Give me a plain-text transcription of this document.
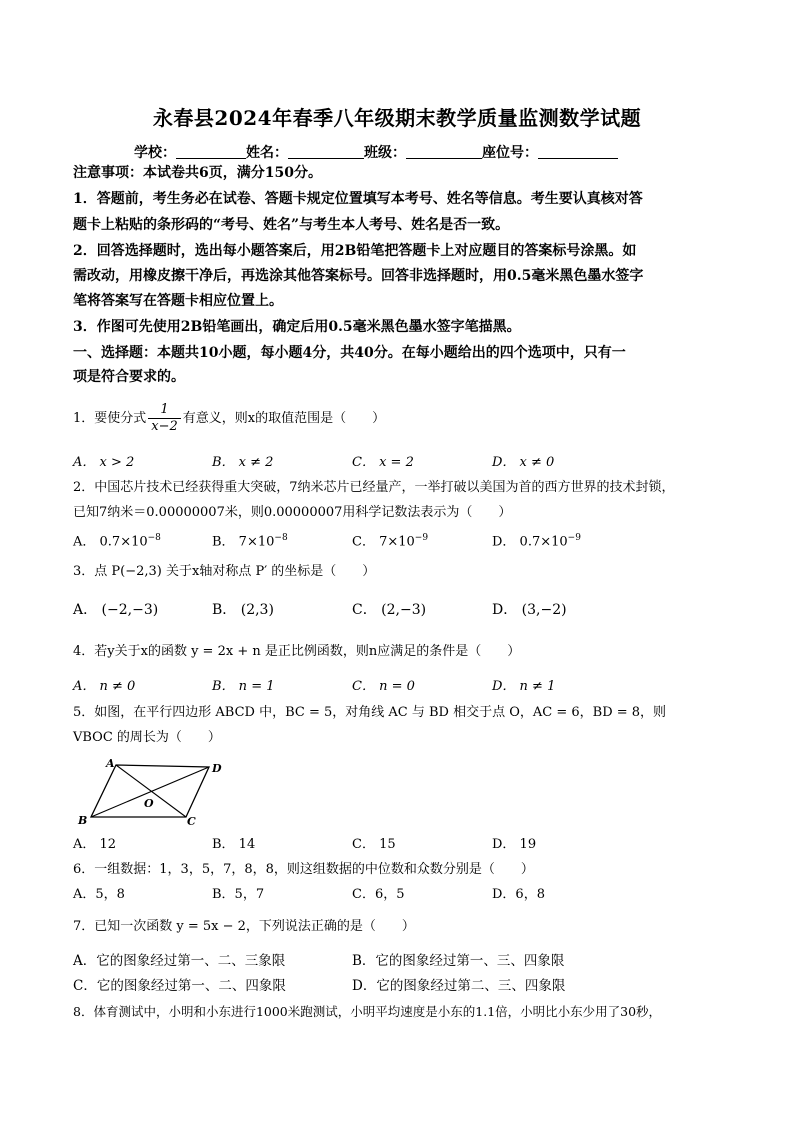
永春县2024年春季八年级期末教学质量监测数学试题
学校：	姓名：	班级：	座位号：
注意事项：本试卷共6页，满分150分。
1．答题前，考生务必在试卷、答题卡规定位置填写本考号、姓名等信息。考生要认真核对答
题卡上粘贴的条形码的“考号、姓名”与考生本人考号、姓名是否一致。
2．回答选择题时，选出每小题答案后，用2B铅笔把答题卡上对应题目的答案标号涂黑。如
需改动，用橡皮擦干净后，再选涂其他答案标号。回答非选择题时，用0.5毫米黑色墨水签字
笔将答案写在答题卡相应位置上。
3．作图可先使用2B铅笔画出，确定后用0.5毫米黑色墨水签字笔描黑。
一、选择题：本题共10小题，每小题4分，共40分。在每小题给出的四个选项中，只有一
项是符合要求的。
1．要使分式 $\frac{1}{x-2}$ 有意义，则x的取值范围是（　　）
A． x > 2	B． x ≠ 2	C． x = 2	D． x ≠ 0
2．中国芯片技术已经获得重大突破，7纳米芯片已经量产，一举打破以美国为首的西方世界的技术封锁，
已知7纳米＝0.00000007米，则0.00000007用科学记数法表示为（　　）
A． $0.7\times 10^{-8}$	B． $7\times 10^{-8}$	C． $7\times 10^{-9}$	D． $0.7\times 10^{-9}$
3．点 P(−2,3) 关于x轴对称点 P′ 的坐标是（　　）
A． (−2,−3)	B． (2,3)	C． (2,−3)	D． (3,−2)
4．若y关于x的函数 y = 2x + n 是正比例函数，则n应满足的条件是（　　）
A． n ≠ 0	B． n = 1	C． n = 0	D． n ≠ 1
5．如图，在平行四边形 ABCD 中，BC = 5，对角线 AC 与 BD 相交于点 O，AC = 6，BD = 8，则
VBOC 的周长为（　　）
A
B	C
D
O
A． 12	B． 14	C． 15	D． 19
6．一组数据：1，3，5，7，8，8，则这组数据的中位数和众数分别是（　　）
A．5，8	B．5，7	C．6，5	D．6，8
7．已知一次函数 y = 5x − 2，下列说法正确的是（　　）
A．它的图象经过第一、二、三象限	B．它的图象经过第一、三、四象限
C．它的图象经过第一、二、四象限	D．它的图象经过第二、三、四象限
8．体育测试中，小明和小东进行1000米跑测试，小明平均速度是小东的1.1倍，小明比小东少用了30秒，
